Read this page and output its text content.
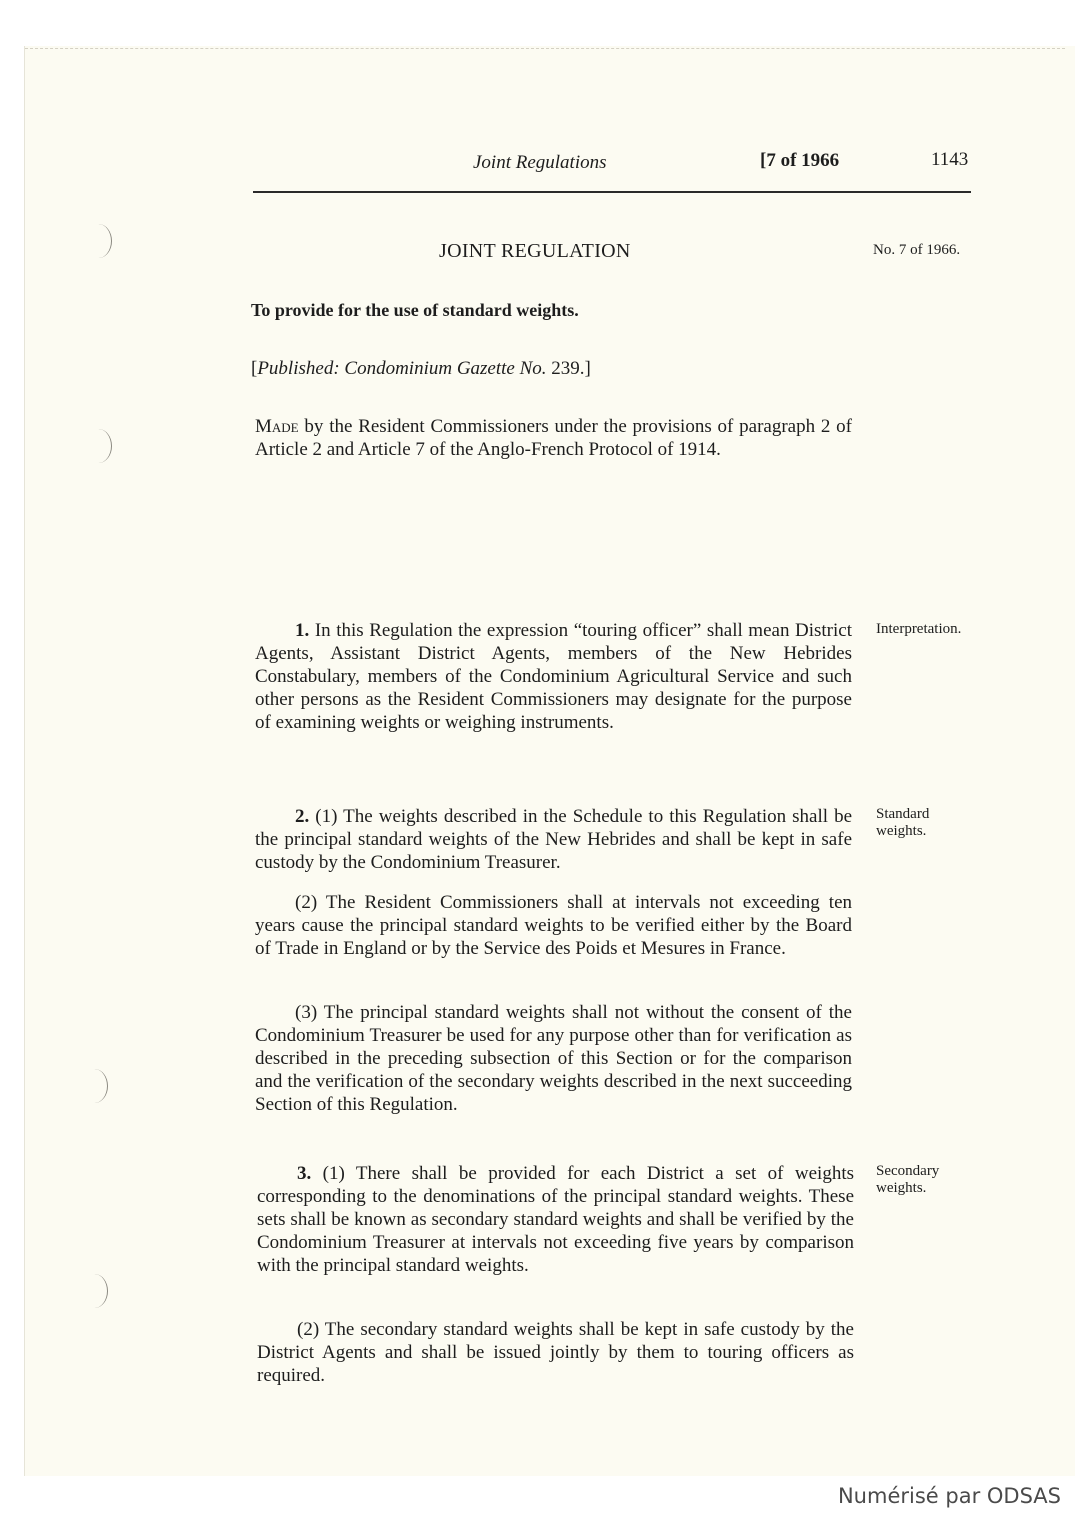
Joint Regulations	[7 of 1966	1143
JOINT REGULATION	No. 7 of 1966.
To provide for the use of standard weights.
[Published: Condominium Gazette No. 239.]
Made by the Resident Commissioners under the provisions of paragraph 2 of Article 2 and Article 7 of the Anglo-French Protocol of 1914.
1. In this Regulation the expression “touring officer” shall mean District Agents, Assistant District Agents, members of the New Hebrides Constabulary, members of the Condominium Agricultural Service and such other persons as the Resident Commissioners may designate for the purpose of examining weights or weighing instruments.
Interpretation.
2. (1) The weights described in the Schedule to this Regulation shall be the principal standard weights of the New Hebrides and shall be kept in safe custody by the Condominium Treasurer.
Standard weights.
(2) The Resident Commissioners shall at intervals not exceeding ten years cause the principal standard weights to be verified either by the Board of Trade in England or by the Service des Poids et Mesures in France.
(3) The principal standard weights shall not without the consent of the Condominium Treasurer be used for any purpose other than for verification as described in the preceding subsection of this Section or for the comparison and the verification of the secondary weights described in the next succeeding Section of this Regulation.
3. (1) There shall be provided for each District a set of weights corresponding to the denominations of the principal standard weights. These sets shall be known as secondary standard weights and shall be verified by the Condominium Treasurer at intervals not exceeding five years by comparison with the principal standard weights.
Secondary weights.
(2) The secondary standard weights shall be kept in safe custody by the District Agents and shall be issued jointly by them to touring officers as required.
Numérisé par ODSAS
